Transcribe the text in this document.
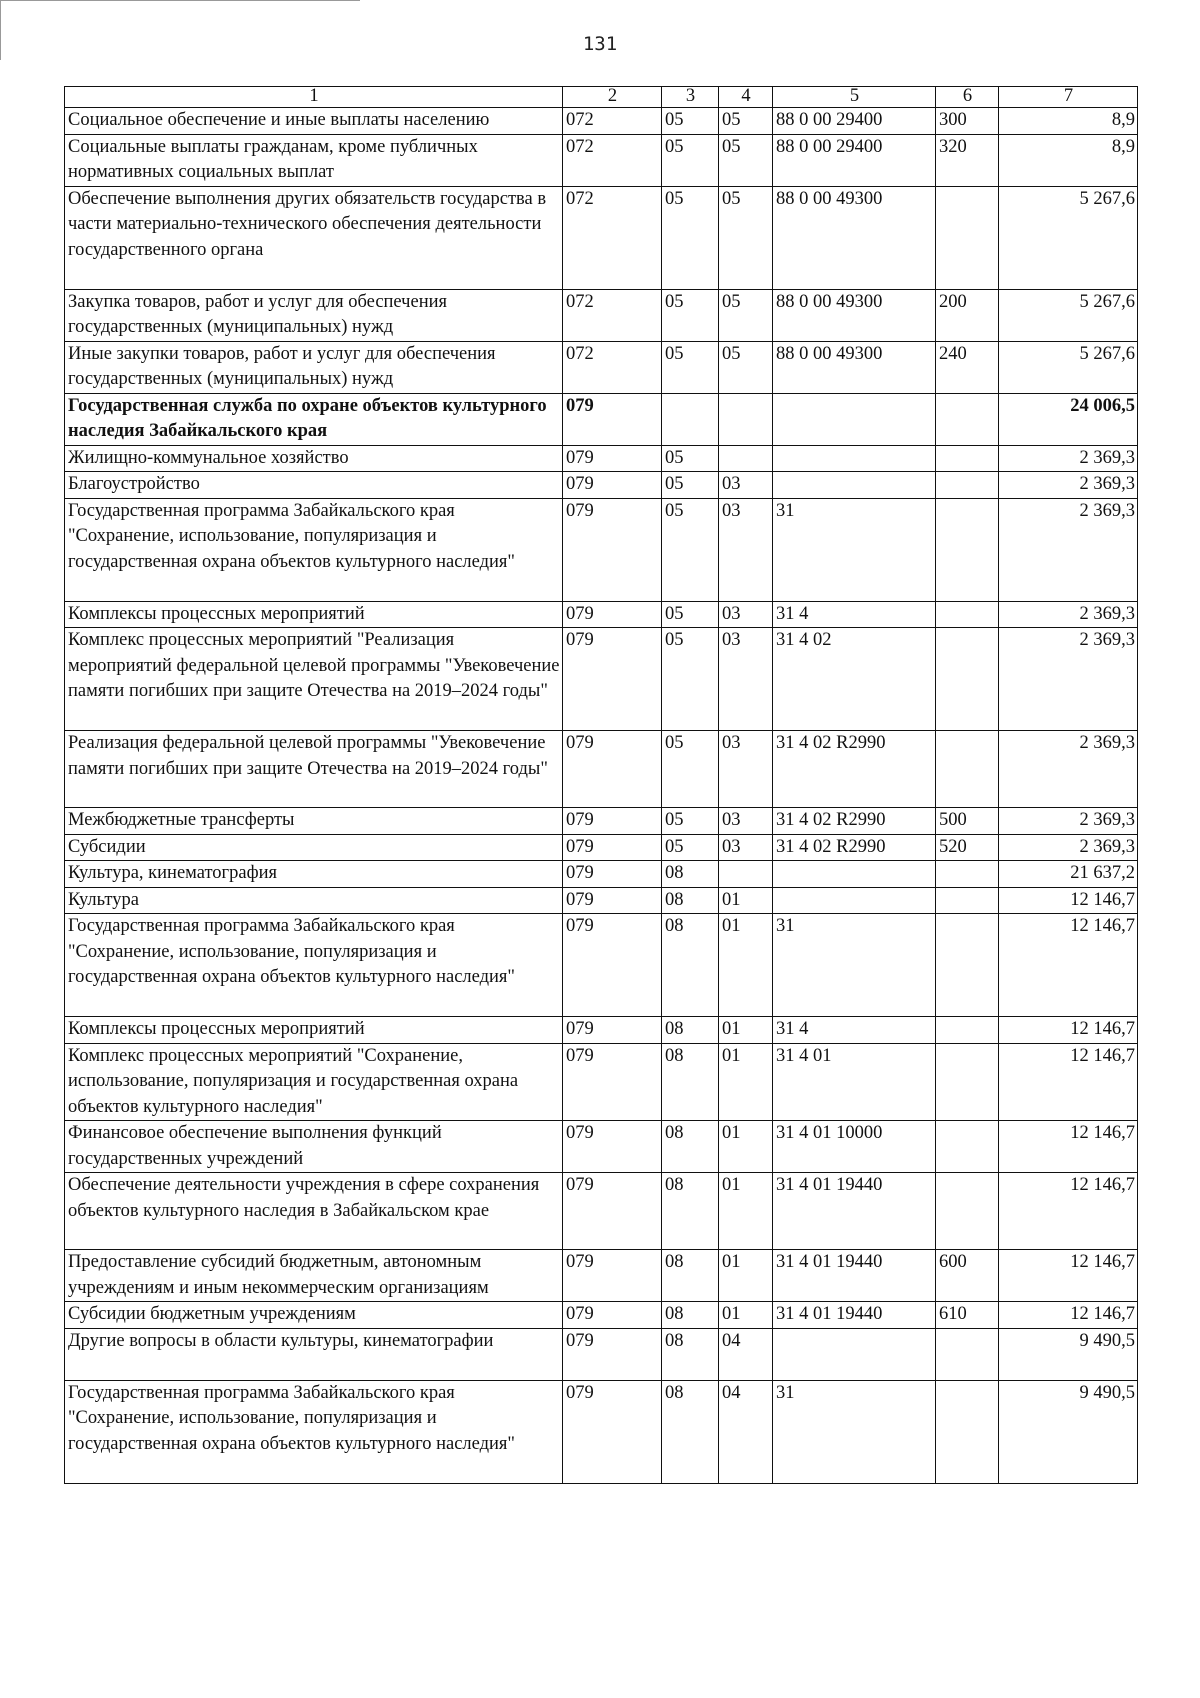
131
1	2	3	4	5	6	7
Социальное обеспечение и иные выплаты населению	072	05	05	88 0 00 29400	300	8,9
Социальные выплаты гражданам, кроме публичных нормативных социальных выплат	072	05	05	88 0 00 29400	320	8,9
Обеспечение выполнения других обязательств государства в части материально-технического обеспечения деятельности государственного органа	072	05	05	88 0 00 49300		5 267,6
Закупка товаров, работ и услуг для обеспечения государственных (муниципальных) нужд	072	05	05	88 0 00 49300	200	5 267,6
Иные закупки товаров, работ и услуг для обеспечения государственных (муниципальных) нужд	072	05	05	88 0 00 49300	240	5 267,6
Государственная служба по охране объектов культурного наследия Забайкальского края	079					24 006,5
Жилищно-коммунальное хозяйство	079	05				2 369,3
Благоустройство	079	05	03			2 369,3
Государственная программа Забайкальского края "Сохранение, использование, популяризация и государственная охрана объектов культурного наследия"	079	05	03	31		2 369,3
Комплексы процессных мероприятий	079	05	03	31 4		2 369,3
Комплекс процессных мероприятий "Реализация мероприятий федеральной целевой программы "Увековечение памяти погибших при защите Отечества на 2019–2024 годы"	079	05	03	31 4 02		2 369,3
Реализация федеральной целевой программы "Увековечение памяти погибших при защите Отечества на 2019–2024 годы"	079	05	03	31 4 02 R2990		2 369,3
Межбюджетные трансферты	079	05	03	31 4 02 R2990	500	2 369,3
Субсидии	079	05	03	31 4 02 R2990	520	2 369,3
Культура, кинематография	079	08				21 637,2
Культура	079	08	01			12 146,7
Государственная программа Забайкальского края "Сохранение, использование, популяризация и государственная охрана объектов культурного наследия"	079	08	01	31		12 146,7
Комплексы процессных мероприятий	079	08	01	31 4		12 146,7
Комплекс процессных мероприятий "Сохранение, использование, популяризация и государственная охрана объектов культурного наследия"	079	08	01	31 4 01		12 146,7
Финансовое обеспечение выполнения функций государственных учреждений	079	08	01	31 4 01 10000		12 146,7
Обеспечение деятельности учреждения в сфере сохранения объектов культурного наследия в Забайкальском крае	079	08	01	31 4 01 19440		12 146,7
Предоставление субсидий бюджетным, автономным учреждениям и иным некоммерческим организациям	079	08	01	31 4 01 19440	600	12 146,7
Субсидии бюджетным учреждениям	079	08	01	31 4 01 19440	610	12 146,7
Другие вопросы в области культуры, кинематографии	079	08	04			9 490,5
Государственная программа Забайкальского края "Сохранение, использование, популяризация и государственная охрана объектов культурного наследия"	079	08	04	31		9 490,5
